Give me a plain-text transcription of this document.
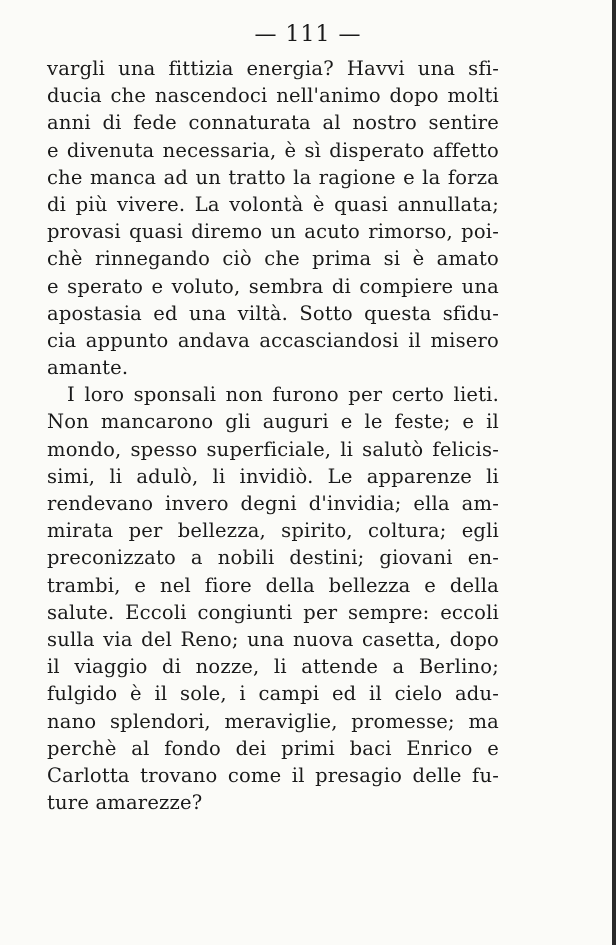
— 111 —
vargli una fittizia energia? Havvi una sfi-
ducia che nascendoci nell'animo dopo molti
anni di fede connaturata al nostro sentire
e divenuta necessaria, è sì disperato affetto
che manca ad un tratto la ragione e la forza
di più vivere. La volontà è quasi annullata;
provasi quasi diremo un acuto rimorso, poi-
chè rinnegando ciò che prima si è amato
e sperato e voluto, sembra di compiere una
apostasia ed una viltà. Sotto questa sfidu-
cia appunto andava accasciandosi il misero
amante.
I loro sponsali non furono per certo lieti.
Non mancarono gli auguri e le feste; e il
mondo, spesso superficiale, li salutò felicis-
simi, li adulò, li invidiò. Le apparenze li
rendevano invero degni d'invidia; ella am-
mirata per bellezza, spirito, coltura; egli
preconizzato a nobili destini; giovani en-
trambi, e nel fiore della bellezza e della
salute. Eccoli congiunti per sempre: eccoli
sulla via del Reno; una nuova casetta, dopo
il viaggio di nozze, li attende a Berlino;
fulgido è il sole, i campi ed il cielo adu-
nano splendori, meraviglie, promesse; ma
perchè al fondo dei primi baci Enrico e
Carlotta trovano come il presagio delle fu-
ture amarezze?
